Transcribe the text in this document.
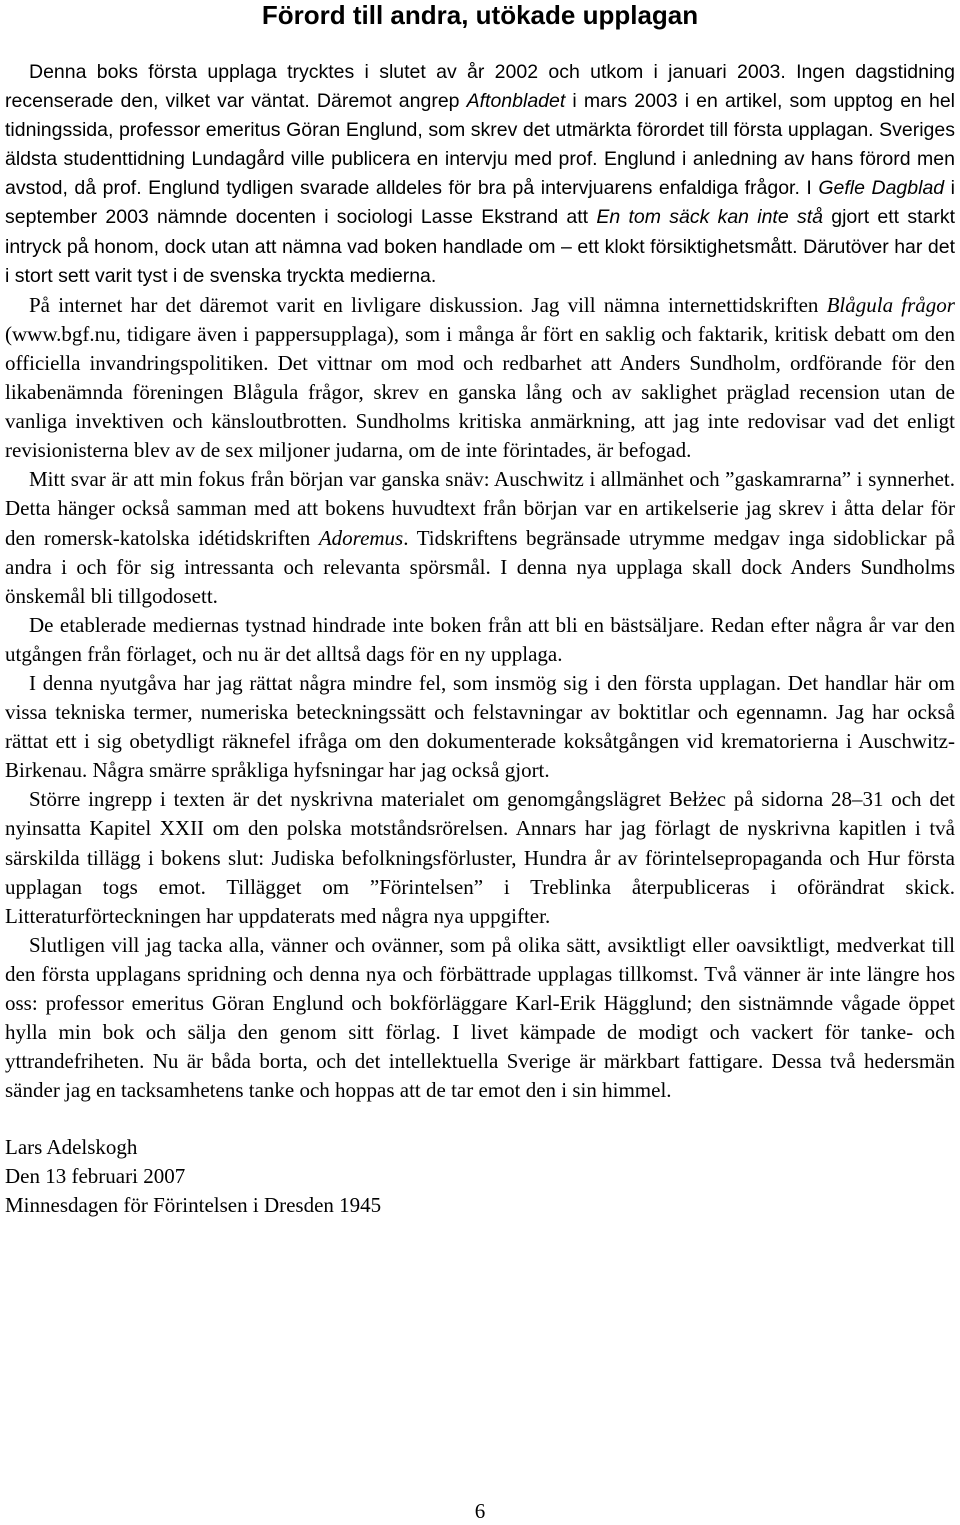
Förord till andra, utökade upplagan

Denna boks första upplaga trycktes i slutet av år 2002 och utkom i januari 2003. Ingen dagstidning recenserade den, vilket var väntat. Däremot angrep Aftonbladet i mars 2003 i en artikel, som upptog en hel tidningssida, professor emeritus Göran Englund, som skrev det utmärkta förordet till första upplagan. Sveriges äldsta studenttidning Lundagård ville publicera en intervju med prof. Englund i anledning av hans förord men avstod, då prof. Englund tydligen svarade alldeles för bra på intervjuarens enfaldiga frågor. I Gefle Dagblad i september 2003 nämnde docenten i sociologi Lasse Ekstrand att En tom säck kan inte stå gjort ett starkt intryck på honom, dock utan att nämna vad boken handlade om – ett klokt försiktighetsmått. Därutöver har det i stort sett varit tyst i de svenska tryckta medierna.

På internet har det däremot varit en livligare diskussion. Jag vill nämna internettidskriften Blågula frågor (www.bgf.nu, tidigare även i pappersupplaga), som i många år fört en saklig och faktarik, kritisk debatt om den officiella invandringspolitiken. Det vittnar om mod och redbarhet att Anders Sundholm, ordförande för den likabenämnda föreningen Blågula frågor, skrev en ganska lång och av saklighet präglad recension utan de vanliga invektiven och känsloutbrotten. Sundholms kritiska anmärkning, att jag inte redovisar vad det enligt revisionisterna blev av de sex miljoner judarna, om de inte förintades, är befogad.

Mitt svar är att min fokus från början var ganska snäv: Auschwitz i allmänhet och ”gaskamrarna” i synnerhet. Detta hänger också samman med att bokens huvudtext från början var en artikelserie jag skrev i åtta delar för den romersk-katolska idétidskriften Adoremus. Tidskriftens begränsade utrymme medgav inga sidoblickar på andra i och för sig intressanta och relevanta spörsmål. I denna nya upplaga skall dock Anders Sundholms önskemål bli tillgodosett.

De etablerade mediernas tystnad hindrade inte boken från att bli en bästsäljare. Redan efter några år var den utgången från förlaget, och nu är det alltså dags för en ny upplaga.

I denna nyutgåva har jag rättat några mindre fel, som insmög sig i den första upplagan. Det handlar här om vissa tekniska termer, numeriska beteckningssätt och felstavningar av boktitlar och egennamn. Jag har också rättat ett i sig obetydligt räknefel ifråga om den dokumenterade koksåtgången vid krematorierna i Auschwitz-Birkenau. Några smärre språkliga hyfsningar har jag också gjort.

Större ingrepp i texten är det nyskrivna materialet om genomgångslägret Bełżec på sidorna 28–31 och det nyinsatta Kapitel XXII om den polska motståndsrörelsen. Annars har jag förlagt de nyskrivna kapitlen i två särskilda tillägg i bokens slut: Judiska befolkningsförluster, Hundra år av förintelsepropaganda och Hur första upplagan togs emot. Tillägget om ”Förintelsen” i Treblinka återpubliceras i oförändrat skick. Litteraturförteckningen har uppdaterats med några nya uppgifter.

Slutligen vill jag tacka alla, vänner och ovänner, som på olika sätt, avsiktligt eller oavsiktligt, medverkat till den första upplagans spridning och denna nya och förbättrade upplagas tillkomst. Två vänner är inte längre hos oss: professor emeritus Göran Englund och bokförläggare Karl-Erik Hägglund; den sistnämnde vågade öppet hylla min bok och sälja den genom sitt förlag. I livet kämpade de modigt och vackert för tanke- och yttrandefriheten. Nu är båda borta, och det intellektuella Sverige är märkbart fattigare. Dessa två hedersmän sänder jag en tacksamhetens tanke och hoppas att de tar emot den i sin himmel.

Lars Adelskogh
Den 13 februari 2007
Minnesdagen för Förintelsen i Dresden 1945
6
